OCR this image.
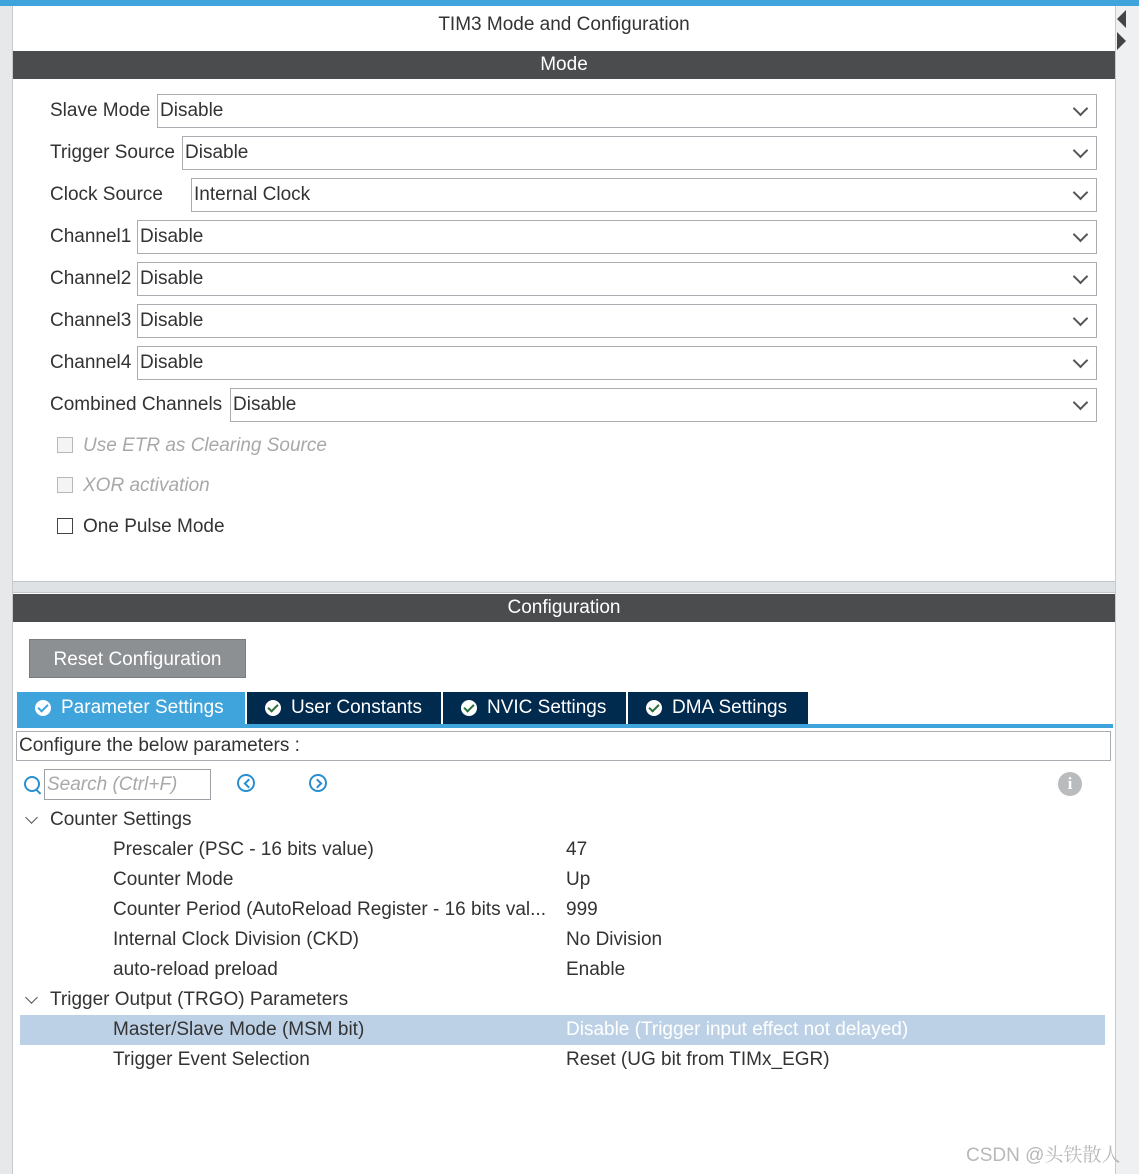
TIM3 Mode and Configuration
Mode
Slave Mode Disable
Trigger Source Disable
Clock Source Internal Clock
Channel1 Disable
Channel2 Disable
Channel3 Disable
Channel4 Disable
Combined Channels Disable
Use ETR as Clearing Source
XOR activation
One Pulse Mode
Configuration
Reset Configuration
Parameter Settings	User Constants	NVIC Settings	DMA Settings
Configure the below parameters :
Search (Ctrl+F)
i
Counter Settings
Prescaler (PSC - 16 bits value)	47
Counter Mode	Up
Counter Period (AutoReload Register - 16 bits val...	999
Internal Clock Division (CKD)	No Division
auto-reload preload	Enable
Trigger Output (TRGO) Parameters
Master/Slave Mode (MSM bit)	Disable (Trigger input effect not delayed)
Trigger Event Selection	Reset (UG bit from TIMx_EGR)
CSDN @头铁散人
